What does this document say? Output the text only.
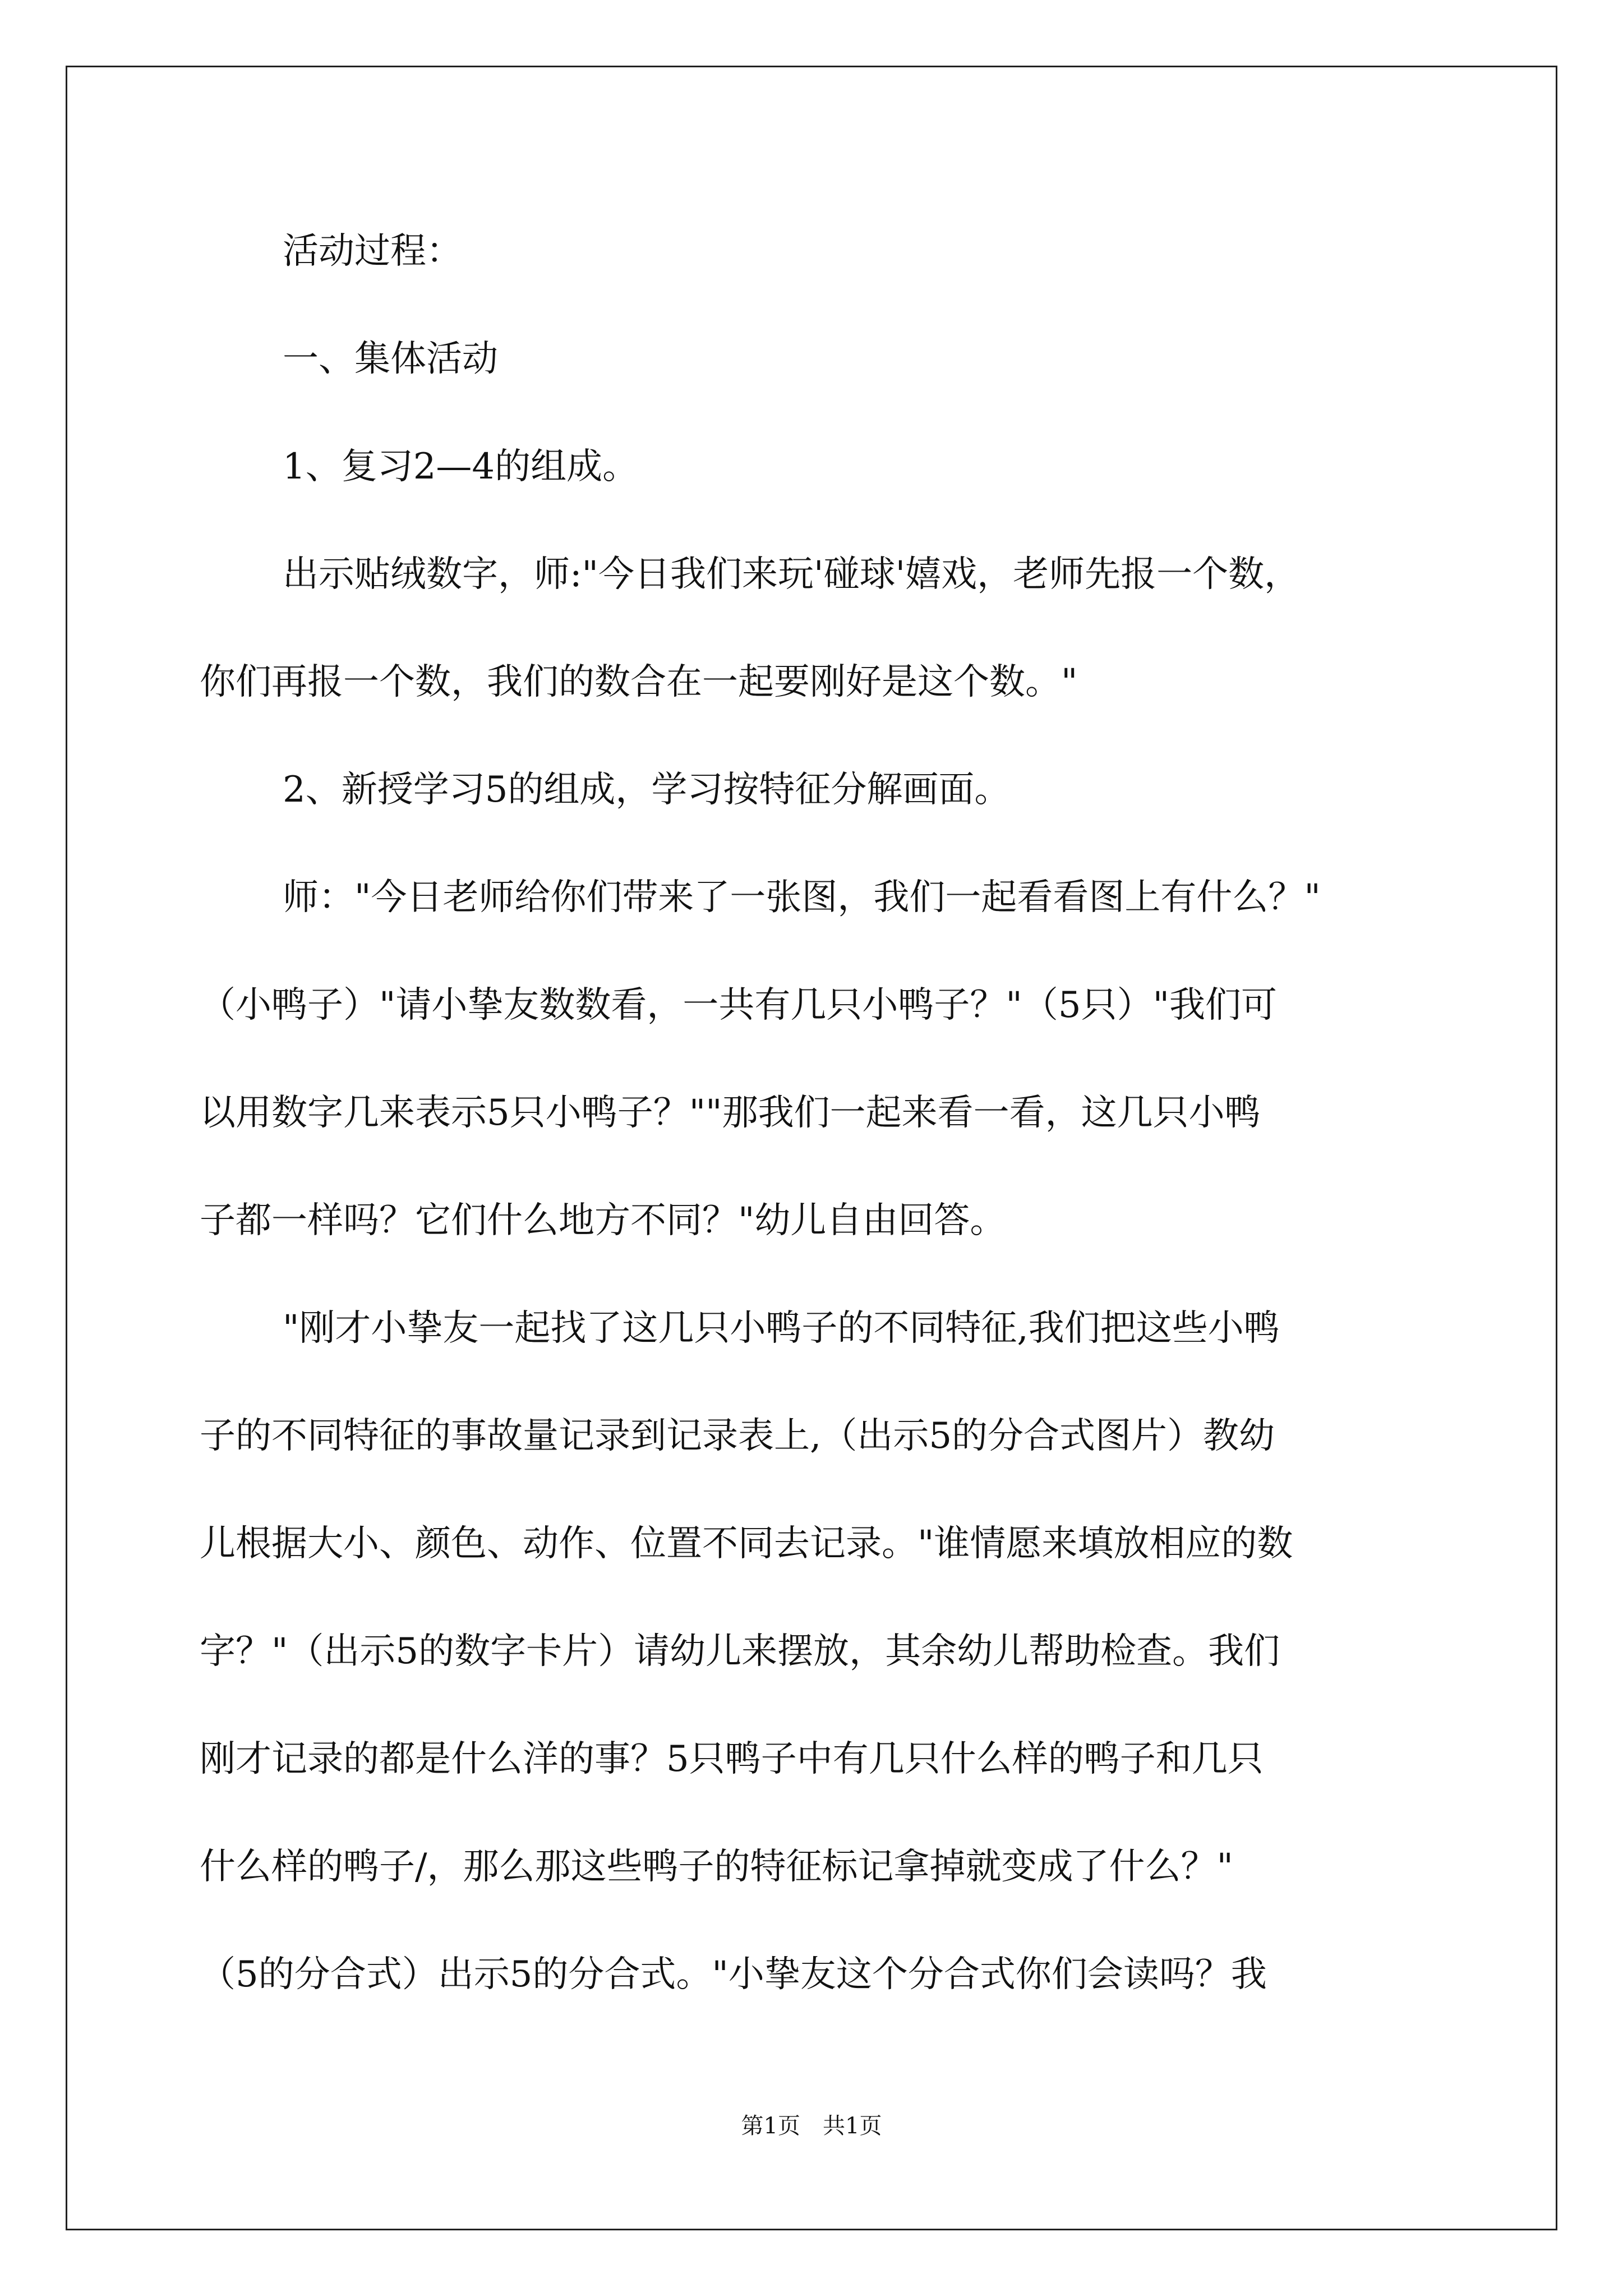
活动过程：
一、集体活动
1、复习2—4的组成。
出示贴绒数字，师:"今日我们来玩'碰球'嬉戏，老师先报一个数，
你们再报一个数，我们的数合在一起要刚好是这个数。"
2、新授学习5的组成，学习按特征分解画面。
师："今日老师给你们带来了一张图，我们一起看看图上有什么？"
（小鸭子）"请小挚友数数看，一共有几只小鸭子？"（5只）"我们可
以用数字几来表示5只小鸭子？""那我们一起来看一看，这几只小鸭
子都一样吗？它们什么地方不同？"幼儿自由回答。
"刚才小挚友一起找了这几只小鸭子的不同特征,我们把这些小鸭
子的不同特征的事故量记录到记录表上,（出示5的分合式图片）教幼
儿根据大小、颜色、动作、位置不同去记录。"谁情愿来填放相应的数
字？"（出示5的数字卡片）请幼儿来摆放，其余幼儿帮助检查。我们
刚才记录的都是什么洋的事？5只鸭子中有几只什么样的鸭子和几只
什么样的鸭子/，那么那这些鸭子的特征标记拿掉就变成了什么？"
（5的分合式）出示5的分合式。"小挚友这个分合式你们会读吗？我
第1页　共1页
